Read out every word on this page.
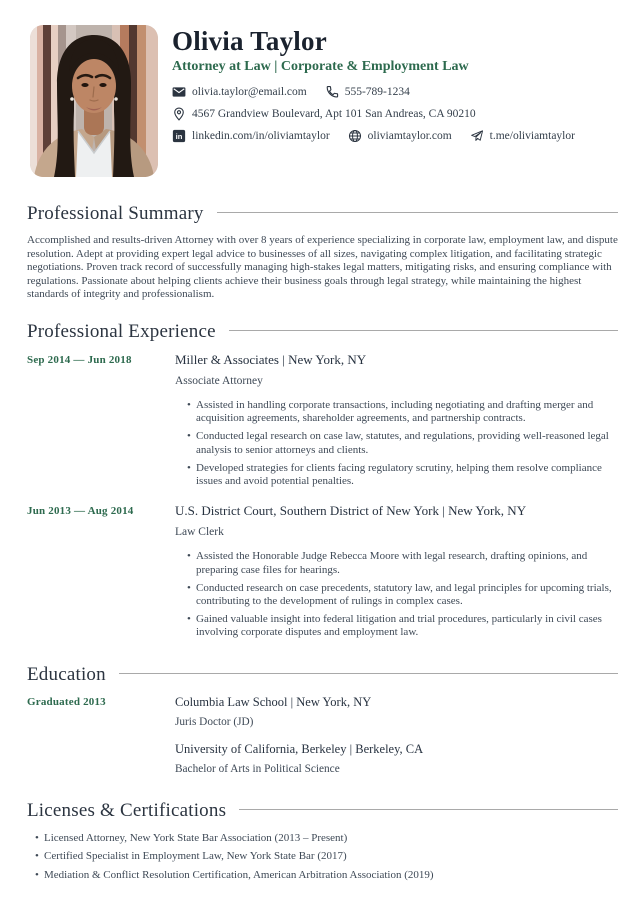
Olivia Taylor
Attorney at Law | Corporate & Employment Law
olivia.taylor@email.com	555-789-1234
4567 Grandview Boulevard, Apt 101 San Andreas, CA 90210
in linkedin.com/in/oliviamtaylor	oliviamtaylor.com	t.me/oliviamtaylor
Professional Summary

Accomplished and results-driven Attorney with over 8 years of experience specializing in corporate law, employment law, and dispute resolution. Adept at providing expert legal advice to businesses of all sizes, navigating complex litigation, and facilitating strategic negotiations. Proven track record of successfully managing high-stakes legal matters, mitigating risks, and ensuring compliance with regulations. Passionate about helping clients achieve their business goals through legal strategy, while maintaining the highest standards of integrity and professionalism.

Professional Experience
Sep 2014 — Jun 2018	Miller & Associates | New York, NY
Associate Attorney
• Assisted in handling corporate transactions, including negotiating and drafting merger and acquisition agreements, shareholder agreements, and partnership contracts.
• Conducted legal research on case law, statutes, and regulations, providing well-reasoned legal analysis to senior attorneys and clients.
• Developed strategies for clients facing regulatory scrutiny, helping them resolve compliance issues and avoid potential penalties.
Jun 2013 — Aug 2014	U.S. District Court, Southern District of New York | New York, NY
Law Clerk
• Assisted the Honorable Judge Rebecca Moore with legal research, drafting opinions, and preparing case files for hearings.
• Conducted research on case precedents, statutory law, and legal principles for upcoming trials, contributing to the development of rulings in complex cases.
• Gained valuable insight into federal litigation and trial procedures, particularly in civil cases involving corporate disputes and employment law.
Education
Graduated 2013	Columbia Law School | New York, NY
Juris Doctor (JD)
University of California, Berkeley | Berkeley, CA
Bachelor of Arts in Political Science
Licenses & Certifications
• Licensed Attorney, New York State Bar Association (2013 – Present)
• Certified Specialist in Employment Law, New York State Bar (2017)
• Mediation & Conflict Resolution Certification, American Arbitration Association (2019)
